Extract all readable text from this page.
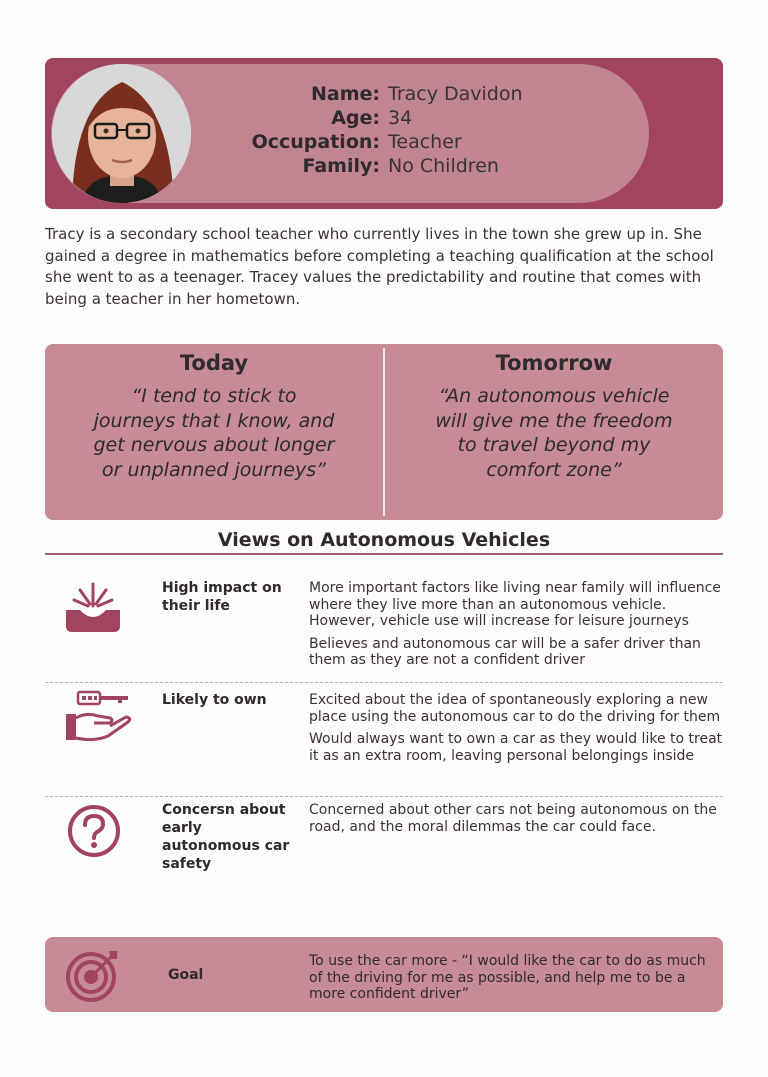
Name: Tracy Davidon
Age: 34
Occupation: Teacher
Family: No Children
Tracy is a secondary school teacher who currently lives in the town she grew up in. She gained a degree in mathematics before completing a teaching qualification at the school she went to as a teenager. Tracey values the predictability and routine that comes with being a teacher in her hometown.
Today
“I tend to stick to journeys that I know, and get nervous about longer or unplanned journeys”
Tomorrow
“An autonomous vehicle will give me the freedom to travel beyond my comfort zone”
Views on Autonomous Vehicles
High impact on their life

More important factors like living near family will influence where they live more than an autonomous vehicle. However, vehicle use will increase for leisure journeys

Believes and autonomous car will be a safer driver than them as they are not a confident driver

Likely to own	Excited about the idea of spontaneously exploring a new place using the autonomous car to do the driving for them

Would always want to own a car as they would like to treat it as an extra room, leaving personal belongings inside

Concersn about early autonomous car safety

Concerned about other cars not being autonomous on the road, and the moral dilemmas the car could face.

Goal
To use the car more - “I would like the car to do as much of the driving for me as possible, and help me to be a more confident driver”
